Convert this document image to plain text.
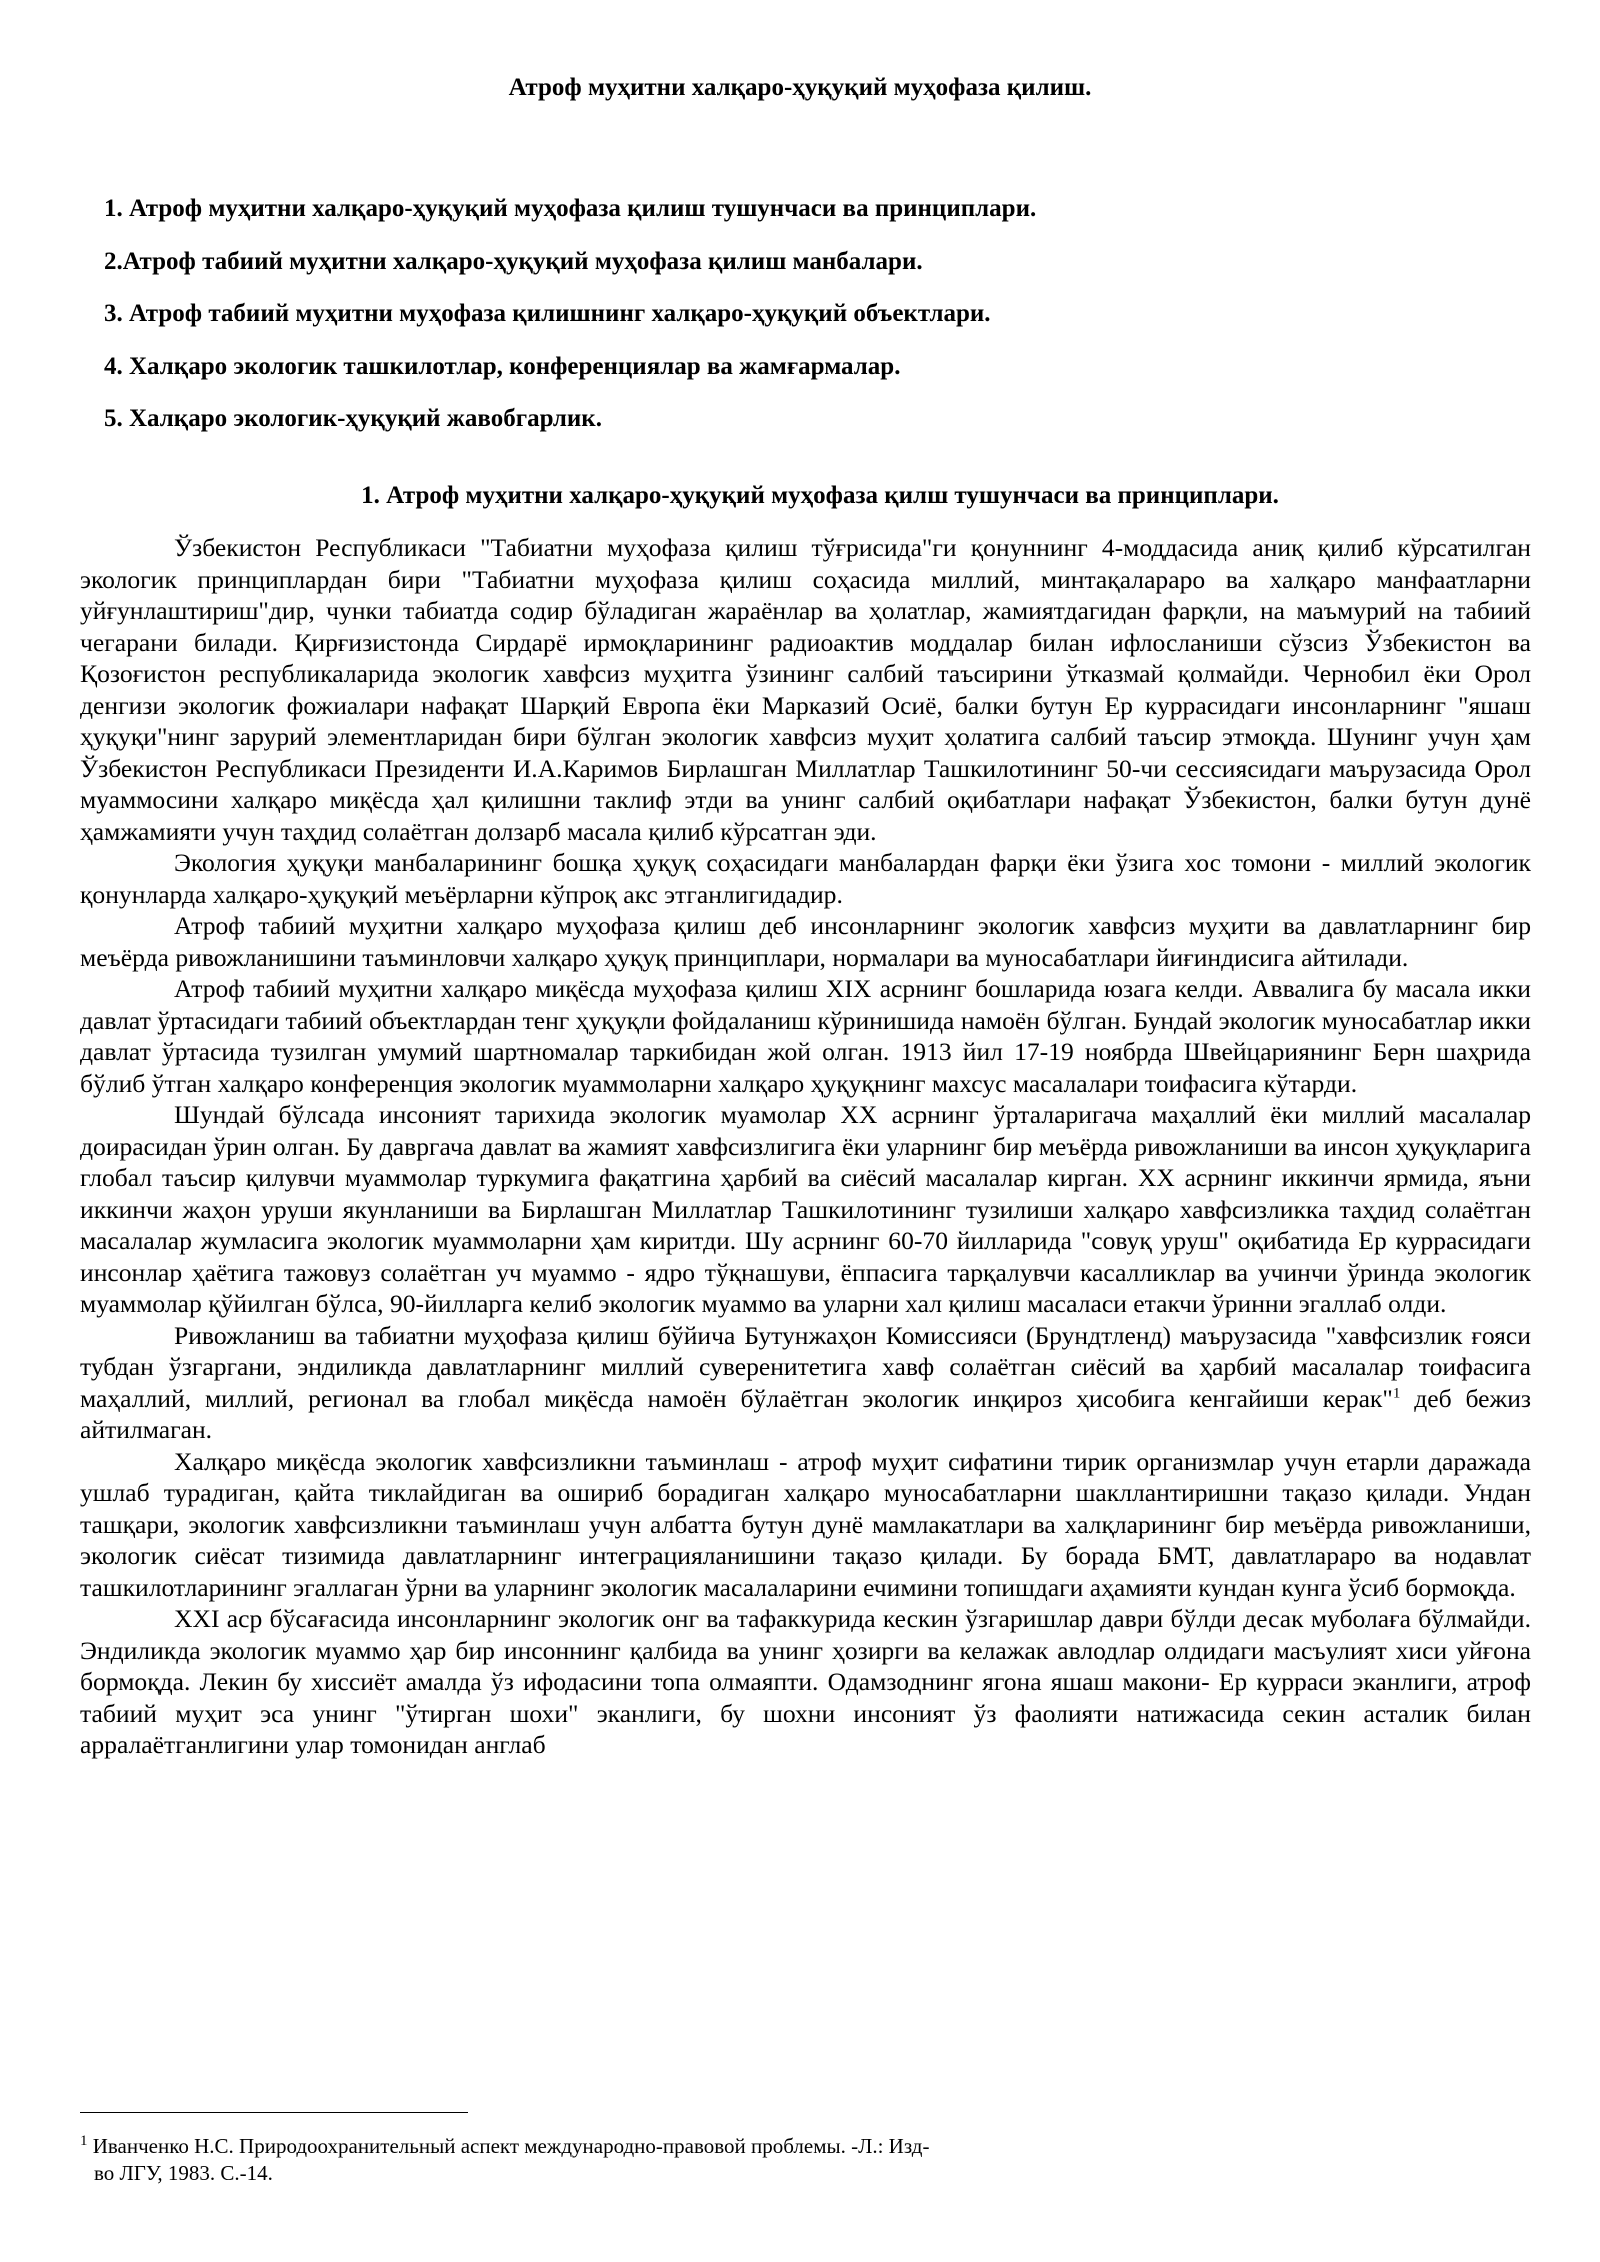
Атроф муҳитни халқаро-ҳуқуқий муҳофаза қилиш.
1. Атроф муҳитни халқаро-ҳуқуқий муҳофаза қилиш тушунчаси ва принциплари.
2.Атроф табиий муҳитни халқаро-ҳуқуқий муҳофаза қилиш манбалари.
3. Атроф табиий муҳитни муҳофаза қилишнинг халқаро-ҳуқуқий объектлари.
4. Халқаро экологик ташкилотлар, конференциялар ва жамғармалар.
5. Халқаро экологик-ҳуқуқий жавобгарлик.
1. Атроф муҳитни халқаро-ҳуқуқий муҳофаза қилш тушунчаси ва принциплари.

Ўзбекистон Республикаси "Табиатни муҳофаза қилиш тўғрисида"ги қонуннинг 4-моддасида аниқ қилиб кўрсатилган экологик принциплардан бири "Табиатни муҳофаза қилиш соҳасида миллий, минтақалараро ва халқаро манфаатларни уйғунлаштириш"дир, чунки табиатда содир бўладиган жараёнлар ва ҳолатлар, жамиятдагидан фарқли, на маъмурий на табиий чегарани билади. Қирғизистонда Сирдарё ирмоқларининг радиоактив моддалар билан ифлосланиши сўзсиз Ўзбекистон ва Қозоғистон республикаларида экологик хавфсиз муҳитга ўзининг салбий таъсирини ўтказмай қолмайди. Чернобил ёки Орол денгизи экологик фожиалари нафақат Шарқий Европа ёки Марказий Осиё, балки бутун Ер куррасидаги инсонларнинг "яшаш ҳуқуқи"нинг зарурий элементларидан бири бўлган экологик хавфсиз муҳит ҳолатига салбий таъсир этмоқда. Шунинг учун ҳам Ўзбекистон Республикаси Президенти И.А.Каримов Бирлашган Миллатлар Ташкилотининг 50-чи сессиясидаги маърузасида Орол муаммосини халқаро миқёсда ҳал қилишни таклиф этди ва унинг салбий оқибатлари нафақат Ўзбекистон, балки бутун дунё ҳамжамияти учун таҳдид солаётган долзарб масала қилиб кўрсатган эди.

Экология ҳуқуқи манбаларининг бошқа ҳуқуқ соҳасидаги манбалардан фарқи ёки ўзига хос томони - миллий экологик қонунларда халқаро-ҳуқуқий меъёрларни кўпроқ акс этганлигидадир.

Атроф табиий муҳитни халқаро муҳофаза қилиш деб инсонларнинг экологик хавфсиз муҳити ва давлатларнинг бир меъёрда ривожланишини таъминловчи халқаро ҳуқуқ принциплари, нормалари ва муносабатлари йиғиндисига айтилади.

Атроф табиий муҳитни халқаро миқёсда муҳофаза қилиш XIX асрнинг бошларида юзага келди. Аввалига бу масала икки давлат ўртасидаги табиий объектлардан тенг ҳуқуқли фойдаланиш кўринишида намоён бўлган. Бундай экологик муносабатлар икки давлат ўртасида тузилган умумий шартномалар таркибидан жой олган. 1913 йил 17-19 ноябрда Швейцариянинг Берн шаҳрида бўлиб ўтган халқаро конференция экологик муаммоларни халқаро ҳуқуқнинг махсус масалалари тоифасига кўтарди.

Шундай бўлсада инсоният тарихида экологик муамолар XX асрнинг ўрталаригача маҳаллий ёки миллий масалалар доирасидан ўрин олган. Бу давргача давлат ва жамият хавфсизлигига ёки уларнинг бир меъёрда ривожланиши ва инсон ҳуқуқларига глобал таъсир қилувчи муаммолар туркумига фақатгина ҳарбий ва сиёсий масалалар кирган. XX асрнинг иккинчи ярмида, яъни иккинчи жаҳон уруши якунланиши ва Бирлашган Миллатлар Ташкилотининг тузилиши халқаро хавфсизликка таҳдид солаётган масалалар жумласига экологик муаммоларни ҳам киритди. Шу асрнинг 60-70 йилларида "совуқ уруш" оқибатида Ер куррасидаги инсонлар ҳаётига тажовуз солаётган уч муаммо - ядро тўқнашуви, ёппасига тарқалувчи касалликлар ва учинчи ўринда экологик муаммолар қўйилган бўлса, 90-йилларга келиб экологик муаммо ва уларни хал қилиш масаласи етакчи ўринни эгаллаб олди.

Ривожланиш ва табиатни муҳофаза қилиш бўйича Бутунжаҳон Комиссияси (Брундтленд) маърузасида "хавфсизлик ғояси тубдан ўзгаргани, эндиликда давлатларнинг миллий суверенитетига хавф солаётган сиёсий ва ҳарбий масалалар тоифасига маҳаллий, миллий, регионал ва глобал миқёсда намоён бўлаётган экологик инқироз ҳисобига кенгайиши керак"$^1$ деб бежиз айтилмаган.

Халқаро миқёсда экологик хавфсизликни таъминлаш - атроф муҳит сифатини тирик организмлар учун етарли даражада ушлаб турадиган, қайта тиклайдиган ва ошириб борадиган халқаро муносабатларни шакллантиришни тақазо қилади. Ундан ташқари, экологик хавфсизликни таъминлаш учун албатта бутун дунё мамлакатлари ва халқларининг бир меъёрда ривожланиши, экологик сиёсат тизимида давлатларнинг интеграцияланишини тақазо қилади. Бу борада БМТ, давлатлараро ва нодавлат ташкилотларининг эгаллаган ўрни ва уларнинг экологик масалаларини ечимини топишдаги аҳамияти кундан кунга ўсиб бормоқда.

XXI аср бўсағасида инсонларнинг экологик онг ва тафаккурида кескин ўзгаришлар даври бўлди десак муболаға бўлмайди. Эндиликда экологик муаммо ҳар бир инсоннинг қалбида ва унинг ҳозирги ва келажак авлодлар олдидаги масъулият хиси уйғона бормоқда. Лекин бу хиссиёт амалда ўз ифодасини топа олмаяпти. Одамзоднинг ягона яшаш макони- Ер курраси эканлиги, атроф табиий муҳит эса унинг "ўтирган шохи" эканлиги, бу шохни инсоният ўз фаолияти натижасида секин асталик билан арралаётганлигини улар томонидан англаб

$^1$ Иванченко Н.С. Природоохранительный аспект международно-правовой проблемы. -Л.: Изд-
во ЛГУ, 1983. С.-14.
